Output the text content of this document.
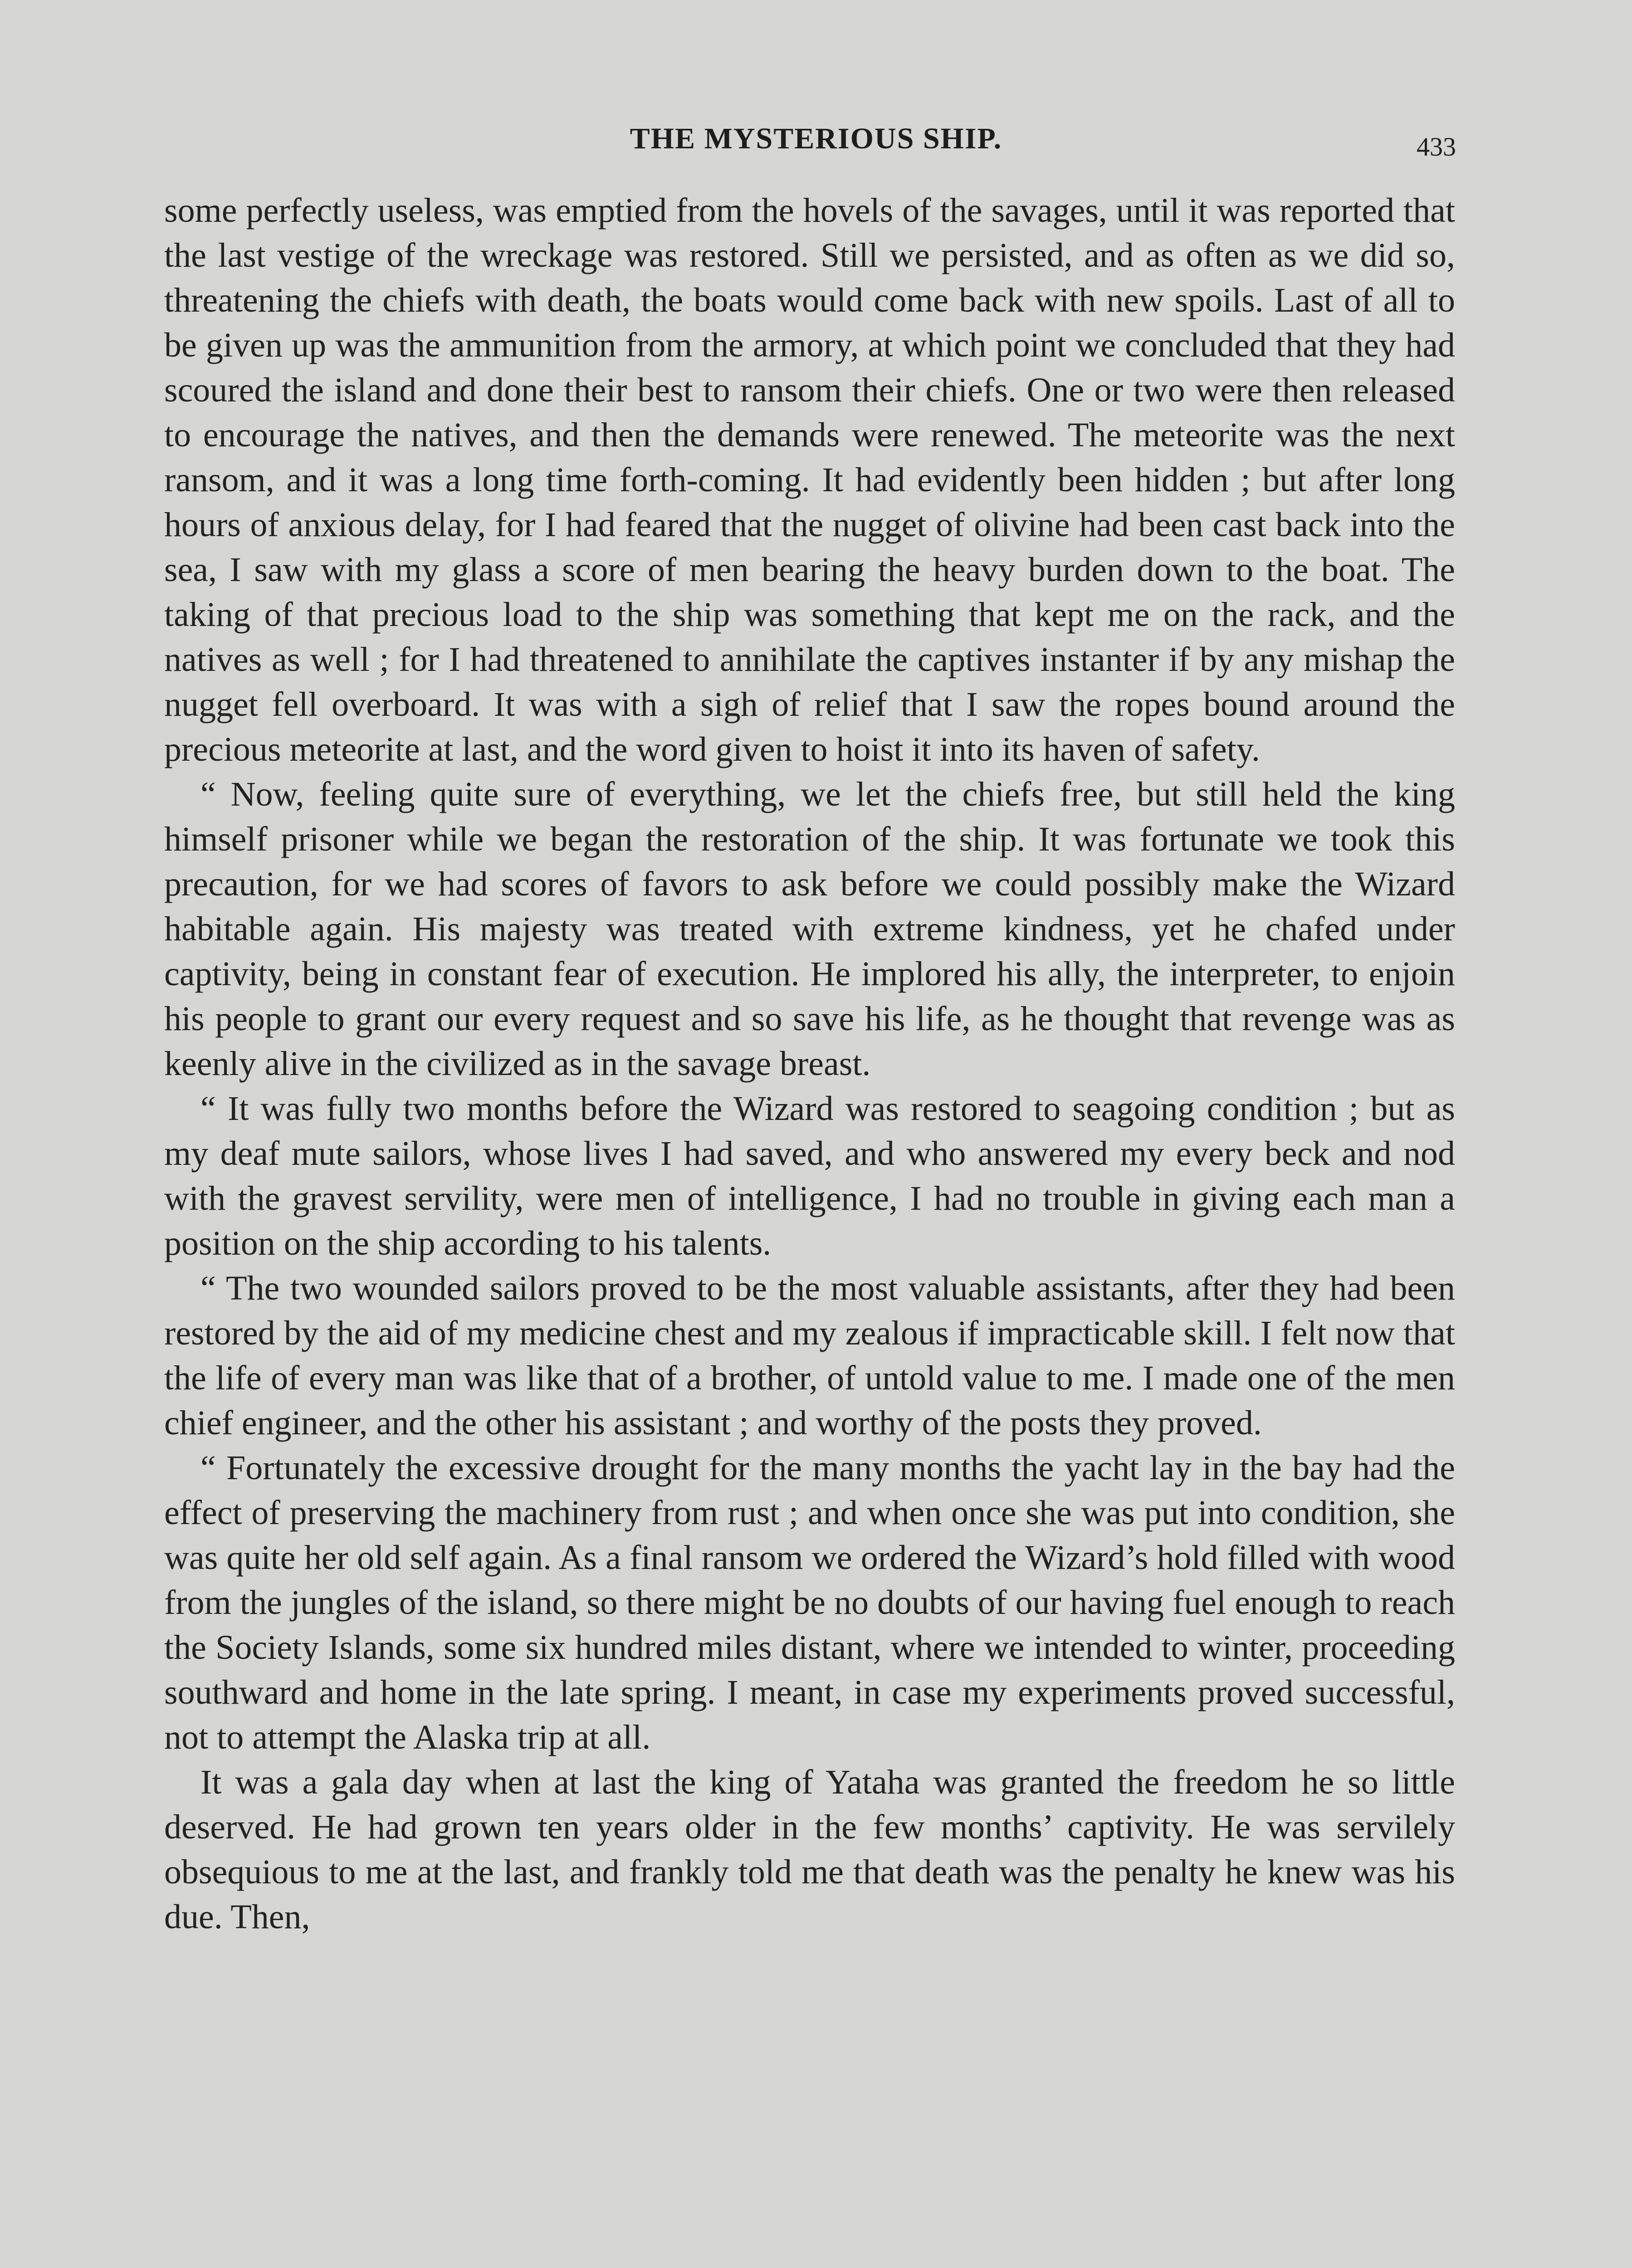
THE MYSTERIOUS SHIP.	433

some perfectly useless, was emptied from the hovels of the savages, until it was reported that the last vestige of the wreckage was restored. Still we persisted, and as often as we did so, threatening the chiefs with death, the boats would come back with new spoils. Last of all to be given up was the ammunition from the armory, at which point we concluded that they had scoured the island and done their best to ransom their chiefs. One or two were then released to encourage the natives, and then the demands were renewed. The meteorite was the next ransom, and it was a long time forth-coming. It had evidently been hidden ; but after long hours of anxious delay, for I had feared that the nugget of olivine had been cast back into the sea, I saw with my glass a score of men bearing the heavy burden down to the boat. The taking of that precious load to the ship was something that kept me on the rack, and the natives as well ; for I had threatened to annihilate the captives instanter if by any mishap the nugget fell overboard. It was with a sigh of relief that I saw the ropes bound around the precious meteorite at last, and the word given to hoist it into its haven of safety.

“ Now, feeling quite sure of everything, we let the chiefs free, but still held the king himself prisoner while we began the restoration of the ship. It was fortunate we took this precaution, for we had scores of favors to ask before we could possibly make the Wizard habitable again. His majesty was treated with extreme kindness, yet he chafed under captivity, being in constant fear of execution. He implored his ally, the interpreter, to enjoin his people to grant our every request and so save his life, as he thought that revenge was as keenly alive in the civilized as in the savage breast.

“ It was fully two months before the Wizard was restored to seagoing condition ; but as my deaf mute sailors, whose lives I had saved, and who answered my every beck and nod with the gravest servility, were men of intelligence, I had no trouble in giving each man a position on the ship according to his talents.

“ The two wounded sailors proved to be the most valuable assistants, after they had been restored by the aid of my medicine chest and my zealous if impracticable skill. I felt now that the life of every man was like that of a brother, of untold value to me. I made one of the men chief engineer, and the other his assistant ; and worthy of the posts they proved.

“ Fortunately the excessive drought for the many months the yacht lay in the bay had the effect of preserving the machinery from rust ; and when once she was put into condition, she was quite her old self again. As a final ransom we ordered the Wizard’s hold filled with wood from the jungles of the island, so there might be no doubts of our having fuel enough to reach the Society Islands, some six hundred miles distant, where we intended to winter, proceeding southward and home in the late spring. I meant, in case my experiments proved successful, not to attempt the Alaska trip at all.

It was a gala day when at last the king of Yataha was granted the freedom he so little deserved. He had grown ten years older in the few months’ captivity. He was servilely obsequious to me at the last, and frankly told me that death was the penalty he knew was his due. Then,
